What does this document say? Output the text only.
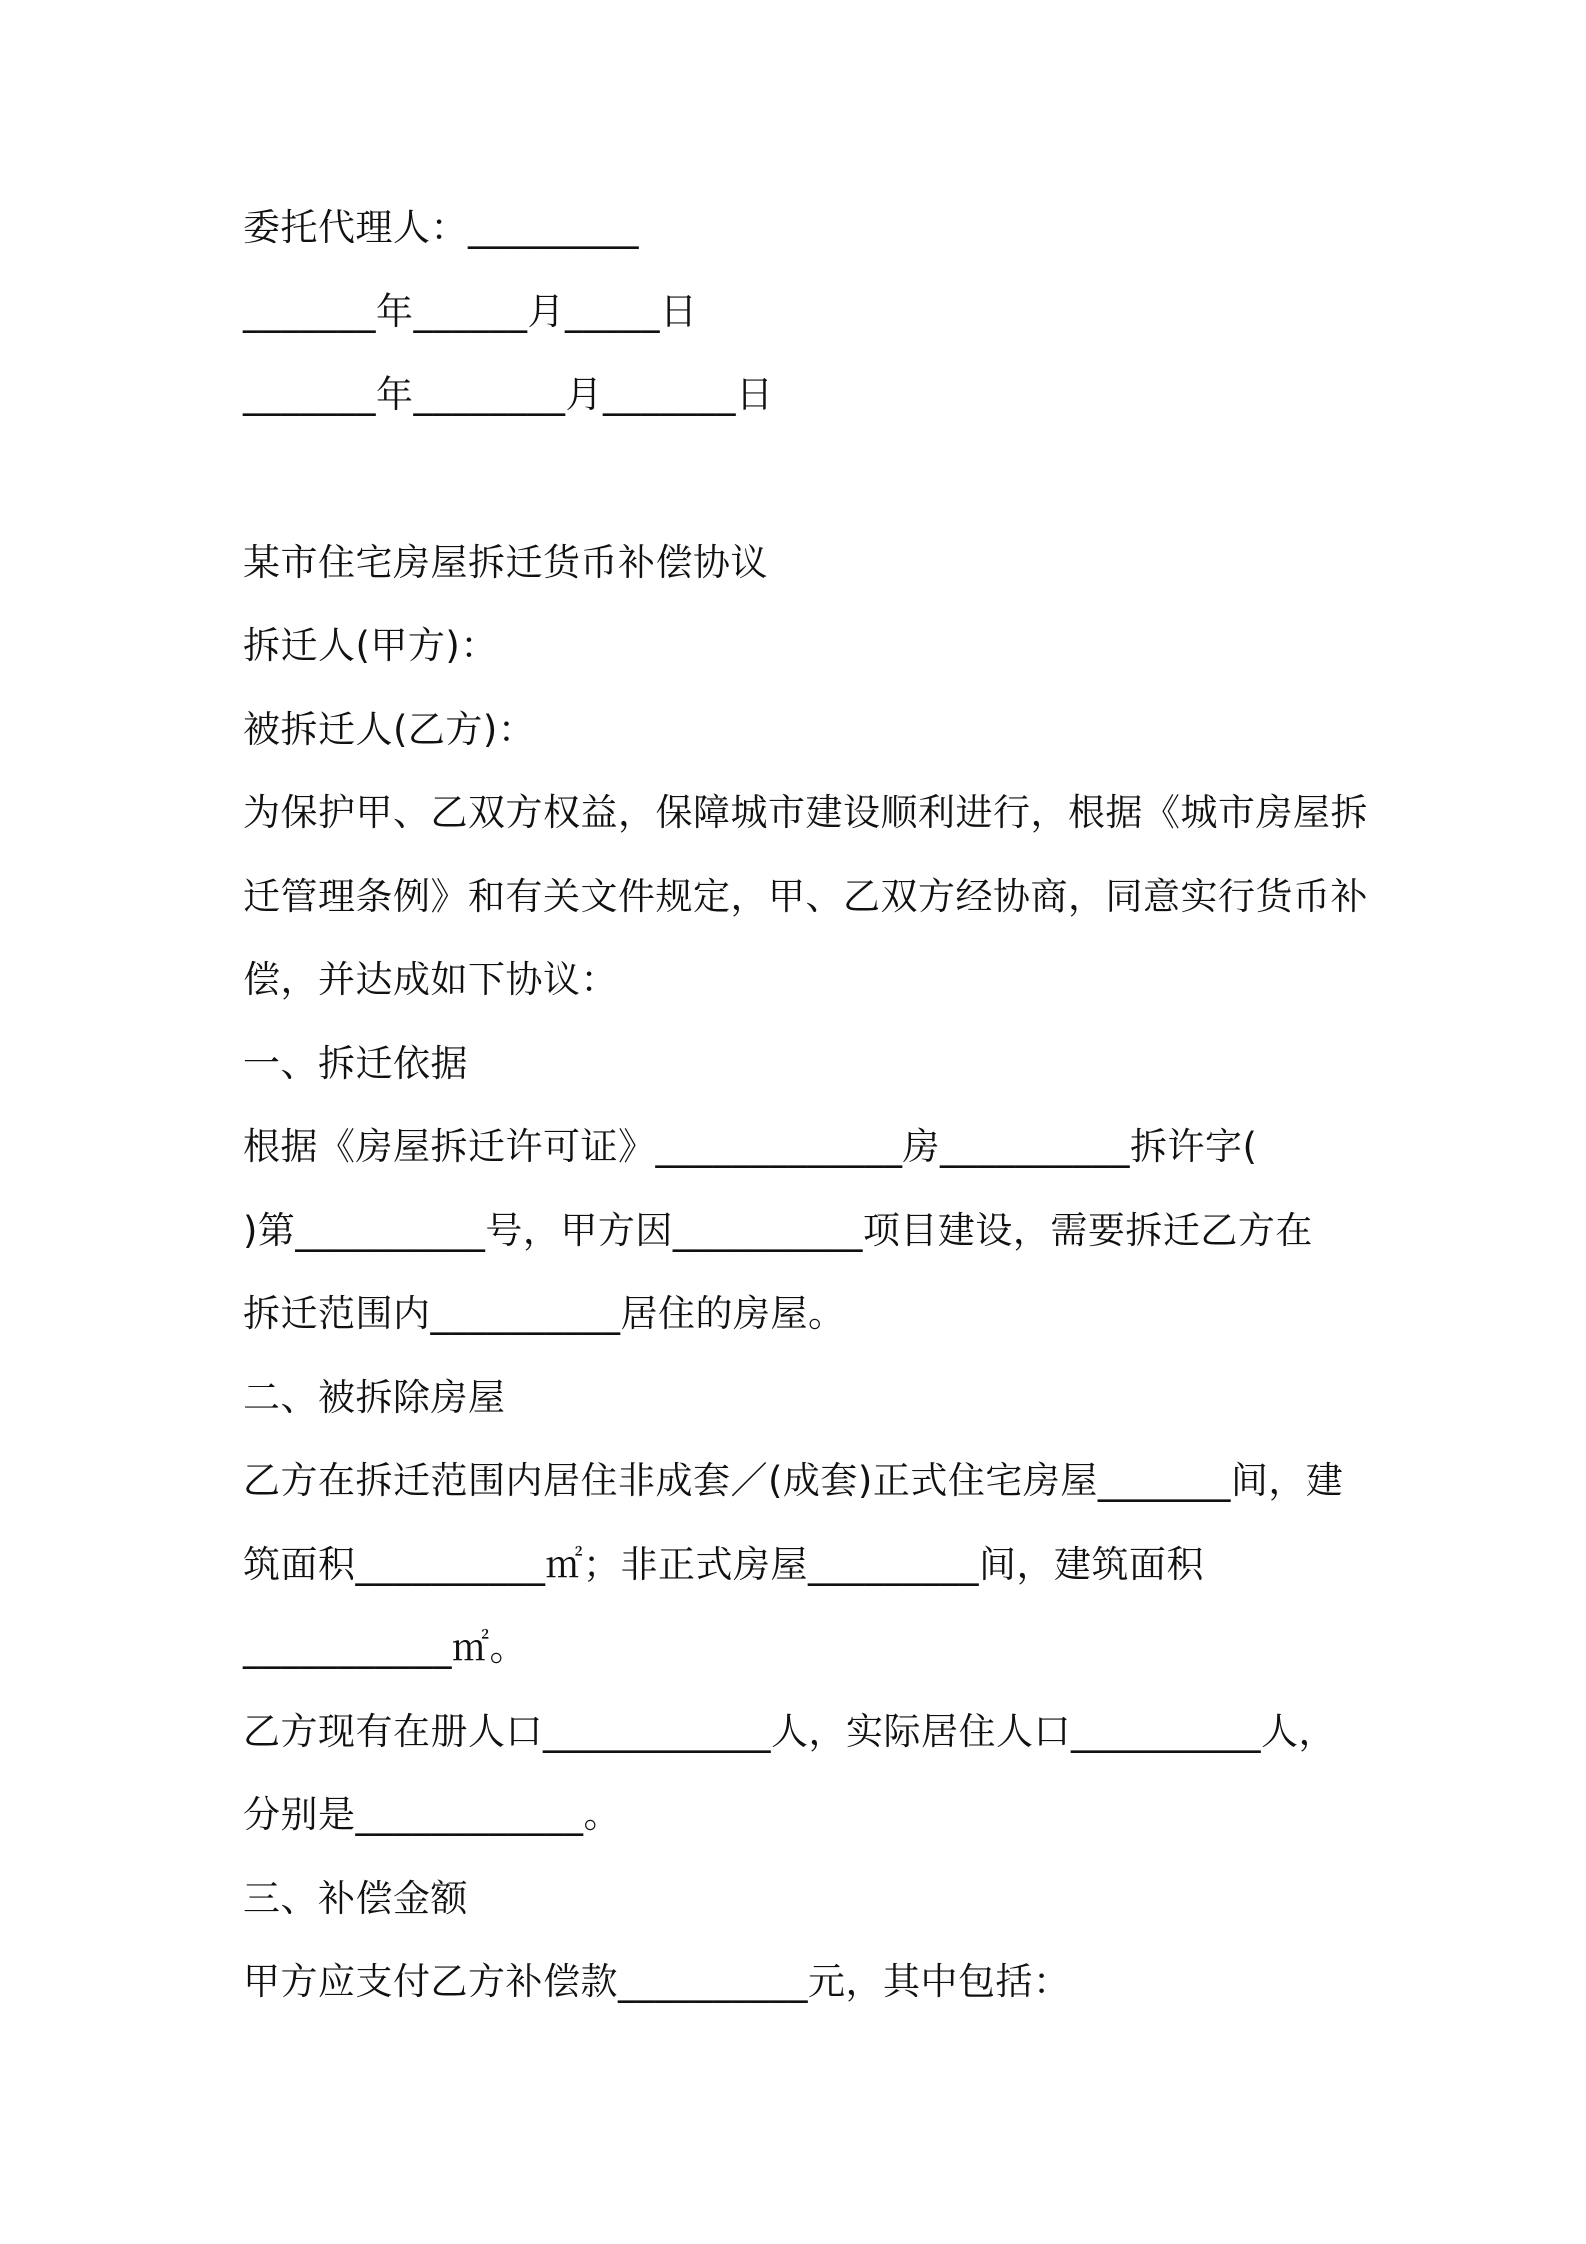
委托代理人：_________
_______年______月_____日
_______年________月_______日
某市住宅房屋拆迁货币补偿协议
拆迁人(甲方)：
被拆迁人(乙方)：
为保护甲、乙双方权益，保障城市建设顺利进行，根据《城市房屋拆
迁管理条例》和有关文件规定，甲、乙双方经协商，同意实行货币补
偿，并达成如下协议：
一、拆迁依据
根据《房屋拆迁许可证》_____________房__________拆许字(
)第__________号，甲方因__________项目建设，需要拆迁乙方在
拆迁范围内__________居住的房屋。
二、被拆除房屋
乙方在拆迁范围内居住非成套／(成套)正式住宅房屋_______间，建
筑面积__________㎡；非正式房屋_________间，建筑面积
___________㎡。
乙方现有在册人口____________人，实际居住人口__________人，
分别是____________。
三、补偿金额
甲方应支付乙方补偿款__________元，其中包括：
